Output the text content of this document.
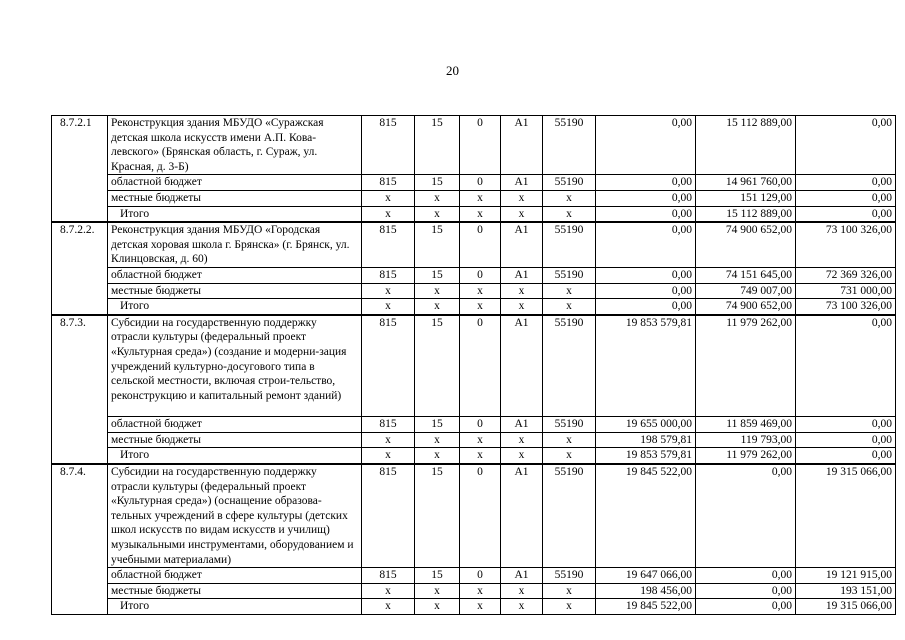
20
8.7.2.1	Реконструкция здания МБУДО «Суражская детская школа искусств имени А.П. Кова-левского» (Брянская область, г. Сураж, ул. Красная, д. 3-Б)	815	15	0	A1	55190	0,00	15 112 889,00	0,00
	областной бюджет	815	15	0	A1	55190	0,00	14 961 760,00	0,00
	местные бюджеты	х	х	х	х	х	0,00	151 129,00	0,00
	Итого	х	х	х	х	х	0,00	15 112 889,00	0,00
8.7.2.2.	Реконструкция здания МБУДО «Городская детская хоровая школа г. Брянска» (г. Брянск, ул. Клинцовская, д. 60)	815	15	0	A1	55190	0,00	74 900 652,00	73 100 326,00
	областной бюджет	815	15	0	A1	55190	0,00	74 151 645,00	72 369 326,00
	местные бюджеты	х	х	х	х	х	0,00	749 007,00	731 000,00
	Итого	х	х	х	х	х	0,00	74 900 652,00	73 100 326,00
8.7.3.	Субсидии на государственную поддержку отрасли культуры (федеральный проект «Культурная среда») (создание и модерни-зация учреждений культурно-досугового типа в сельской местности, включая строи-тельство, реконструкцию и капитальный ремонт зданий)	815	15	0	A1	55190	19 853 579,81	11 979 262,00	0,00
	областной бюджет	815	15	0	A1	55190	19 655 000,00	11 859 469,00	0,00
	местные бюджеты	х	х	х	х	х	198 579,81	119 793,00	0,00
	Итого	х	х	х	х	х	19 853 579,81	11 979 262,00	0,00
8.7.4.	Субсидии на государственную поддержку отрасли культуры (федеральный проект «Культурная среда») (оснащение образова-тельных учреждений в сфере культуры (детских школ искусств по видам искусств и училищ) музыкальными инструментами, оборудованием и учебными материалами)	815	15	0	A1	55190	19 845 522,00	0,00	19 315 066,00
	областной бюджет	815	15	0	A1	55190	19 647 066,00	0,00	19 121 915,00
	местные бюджеты	х	х	х	х	х	198 456,00	0,00	193 151,00
	Итого	х	х	х	х	х	19 845 522,00	0,00	19 315 066,00
